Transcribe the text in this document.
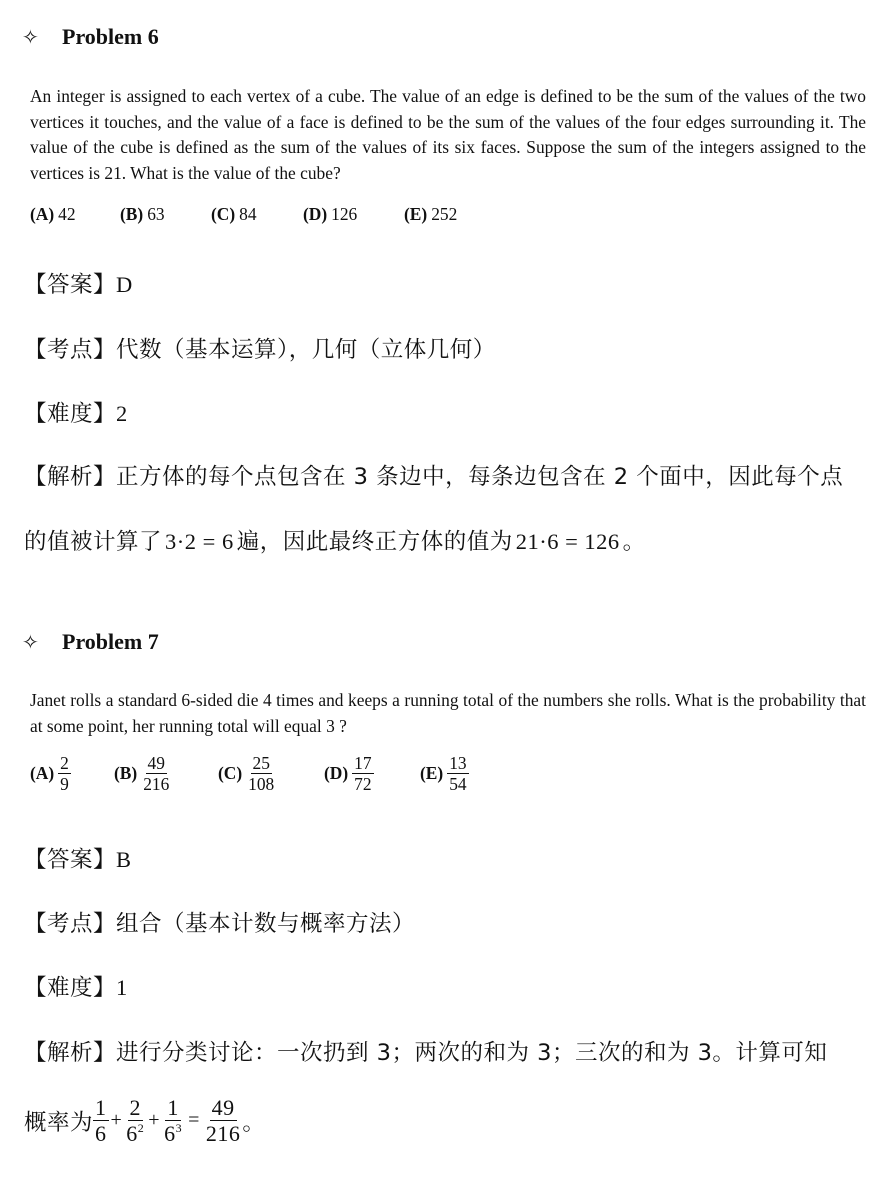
✧	Problem 6
An integer is assigned to each vertex of a cube. The value of an edge is defined to be the sum of the values of the two vertices it touches, and the value of a face is defined to be the sum of the values of the four edges surrounding it. The value of the cube is defined as the sum of the values of its six faces. Suppose the sum of the integers assigned to the vertices is 21. What is the value of the cube?
(A) 42	(B) 63	(C) 84	(D) 126	(E) 252
【答案】D
【考点】代数（基本运算），几何（立体几何）
【难度】2
【解析】正方体的每个点包含在 3 条边中，每条边包含在 2 个面中，因此每个点
的值被计算了 3·2 = 6 遍，因此最终正方体的值为 21·6 = 126 。
✧	Problem 7
Janet rolls a standard 6-sided die 4 times and keeps a running total of the numbers she rolls. What is the probability that at some point, her running total will equal 3 ?
$(A) \frac{2}{9} (B) \frac{49}{216}$	$(C) \frac{25}{108}$	$(D) \frac{17}{72}$	$(E) \frac{13}{54}$
【答案】B
【考点】组合（基本计数与概率方法）
【难度】1
【解析】进行分类讨论：一次扔到 3；两次的和为 3；三次的和为 3。计算可知
概率为 $\frac{1}{6} + \frac{2}{6^2} + \frac{1}{6^3} = \frac{49}{216}$ 。
